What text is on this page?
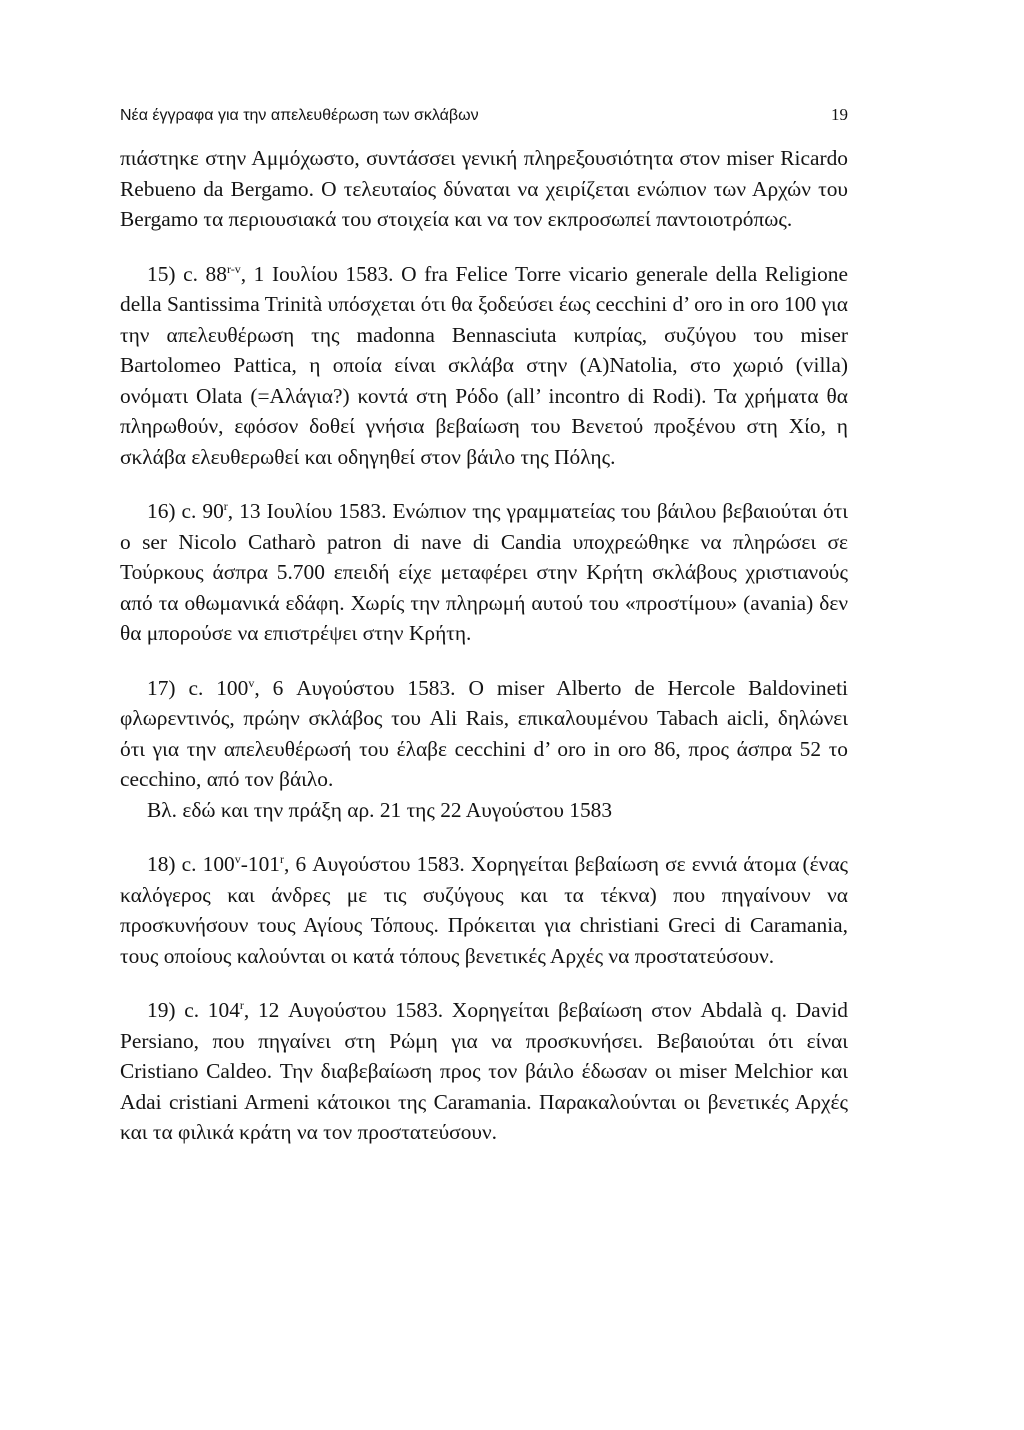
Νέα έγγραφα για την απελευθέρωση των σκλάβων	19

πιάστηκε στην Αμμόχωστο, συντάσσει γενική πληρεξουσιότητα στον miser Ricardo Rebueno da Bergamo. Ο τελευταίος δύναται να χειρίζεται ενώπιον των Αρχών του Bergamo τα περιουσιακά του στοιχεία και να τον εκπροσωπεί παντοιοτρόπως.

15) c. 88$^{r-v}$, 1 Ιουλίου 1583. Ο fra Felice Torre vicario generale della Religione della Santissima Trinità υπόσχεται ότι θα ξοδεύσει έως cecchini d’ oro in oro 100 για την απελευθέρωση της madonna Bennasciuta κυπρίας, συζύγου του miser Bartolomeo Pattica, η οποία είναι σκλάβα στην (A)Natolia, στο χωριό (villa) ονόματι Olata (=Αλάγια?) κοντά στη Ρόδο (all’ incontro di Rodi). Τα χρήματα θα πληρωθούν, εφόσον δοθεί γνήσια βεβαίωση του Βενετού προξένου στη Χίο, η σκλάβα ελευθερωθεί και οδηγηθεί στον βάιλο της Πόλης.

16) c. 90$^r$, 13 Ιουλίου 1583. Ενώπιον της γραμματείας του βάιλου βεβαιούται ότι ο ser Nicolo Catharò patron di nave di Candia υποχρεώθηκε να πληρώσει σε Τούρκους άσπρα 5.700 επειδή είχε μεταφέρει στην Κρήτη σκλάβους χριστιανούς από τα οθωμανικά εδάφη. Χωρίς την πληρωμή αυτού του «προστίμου» (avania) δεν θα μπορούσε να επιστρέψει στην Κρήτη.

17) c. 100$^v$, 6 Αυγούστου 1583. Ο miser Alberto de Hercole Baldovineti φλωρεντινός, πρώην σκλάβος του Ali Rais, επικαλουμένου Tabach aicli, δηλώνει ότι για την απελευθέρωσή του έλαβε cecchini d’ oro in oro 86, προς άσπρα 52 το cecchino, από τον βάιλο.

Βλ. εδώ και την πράξη αρ. 21 της 22 Αυγούστου 1583

18) c. 100$^v$-101$^r$, 6 Αυγούστου 1583. Χορηγείται βεβαίωση σε εννιά άτομα (ένας καλόγερος και άνδρες με τις συζύγους και τα τέκνα) που πηγαίνουν να προσκυνήσουν τους Αγίους Τόπους. Πρόκειται για christiani Greci di Caramania, τους οποίους καλούνται οι κατά τόπους βενετικές Αρχές να προστατεύσουν.

19) c. 104$^r$, 12 Αυγούστου 1583. Χορηγείται βεβαίωση στον Abdalà q. David Persiano, που πηγαίνει στη Ρώμη για να προσκυνήσει. Βεβαιούται ότι είναι Cristiano Caldeo. Την διαβεβαίωση προς τον βάιλο έδωσαν οι miser Melchior και Adai cristiani Armeni κάτοικοι της Caramania. Παρακαλούνται οι βενετικές Αρχές και τα φιλικά κράτη να τον προστατεύσουν.
